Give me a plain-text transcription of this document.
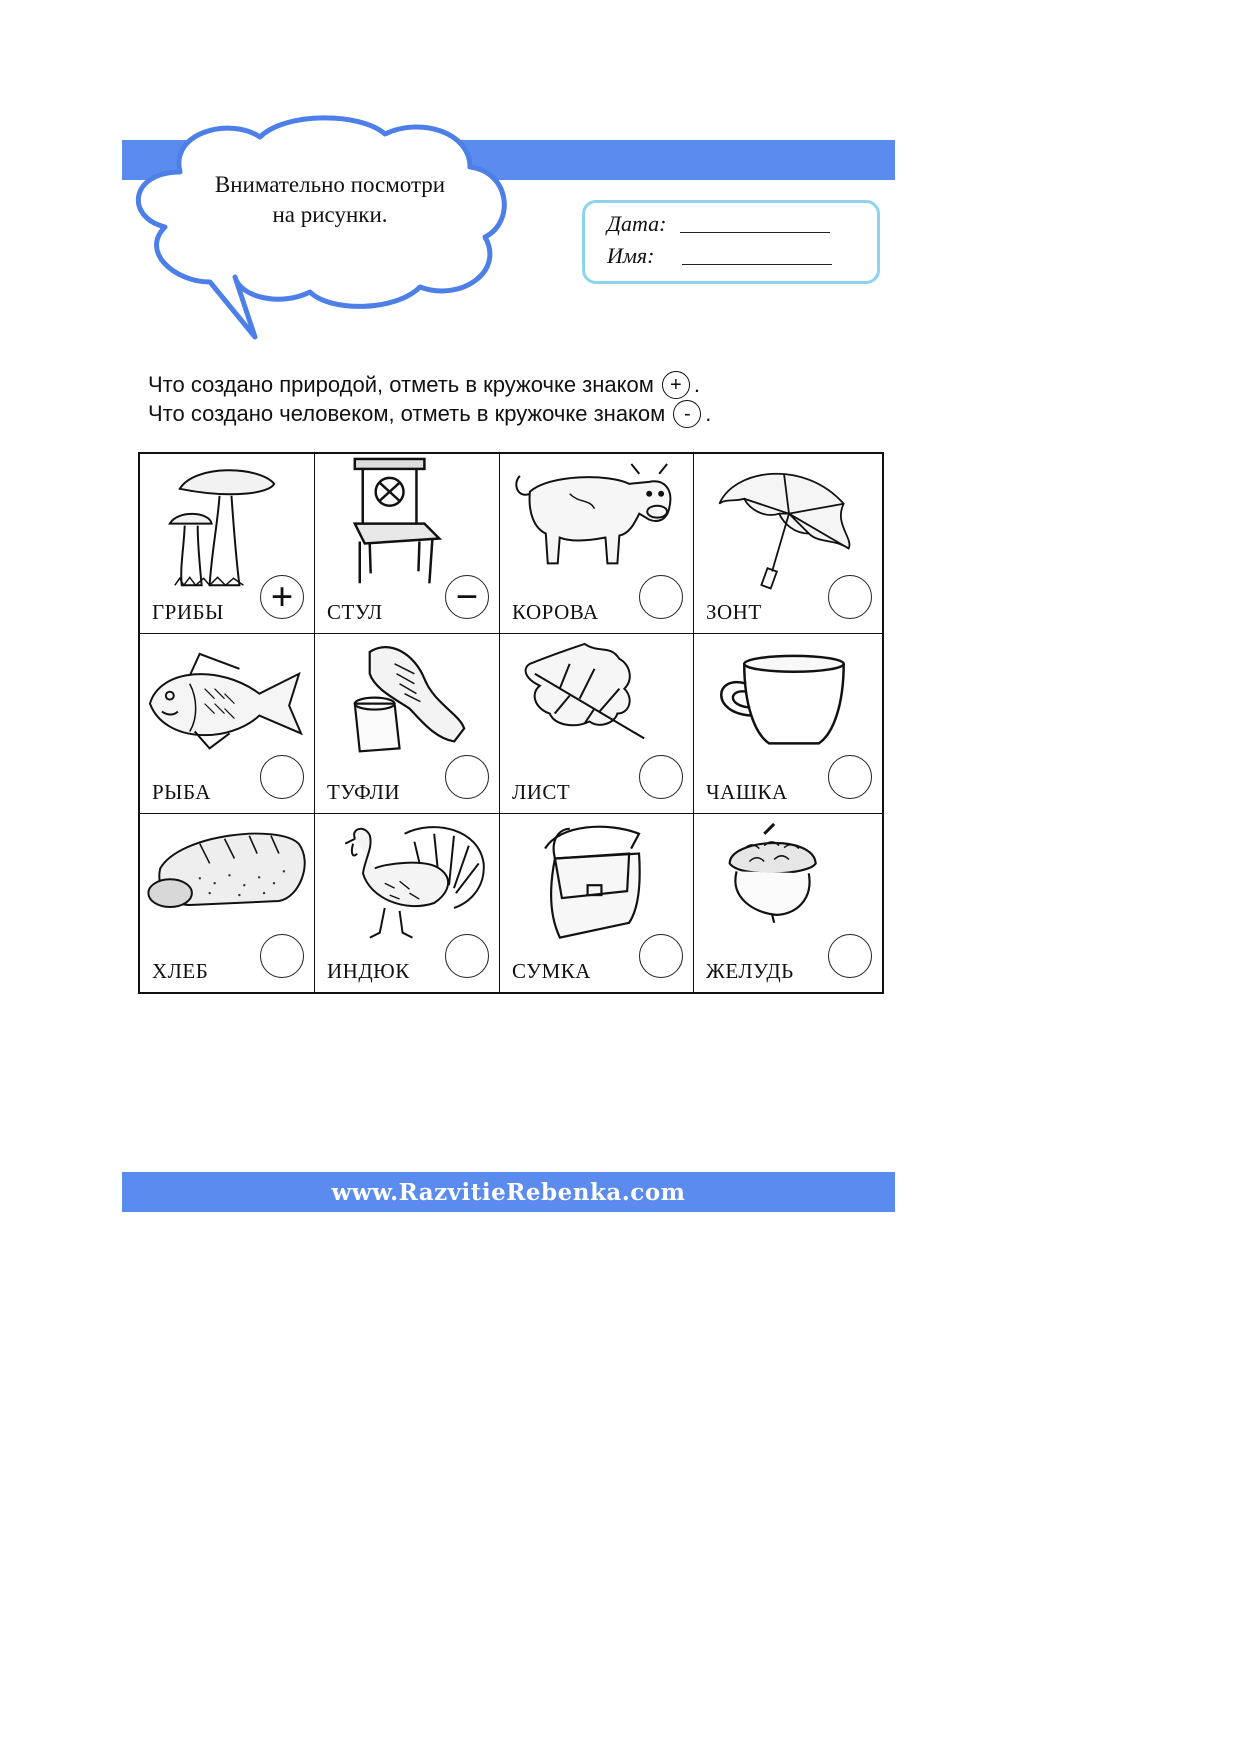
Внимательно посмотри
на рисунки.	Дата:
Имя:
Что создано природой, отметь в кружочке знаком + .
Что создано человеком, отметь в кружочке знаком - .
ГРИБЫ +	СТУЛ −	КОРОВА	ЗОНТ
РЫБА	ТУФЛИ	ЛИСТ	ЧАШКА
ХЛЕБ	ИНДЮК	СУМКА	ЖЕЛУДЬ
www.RazvitieRebenka.com
